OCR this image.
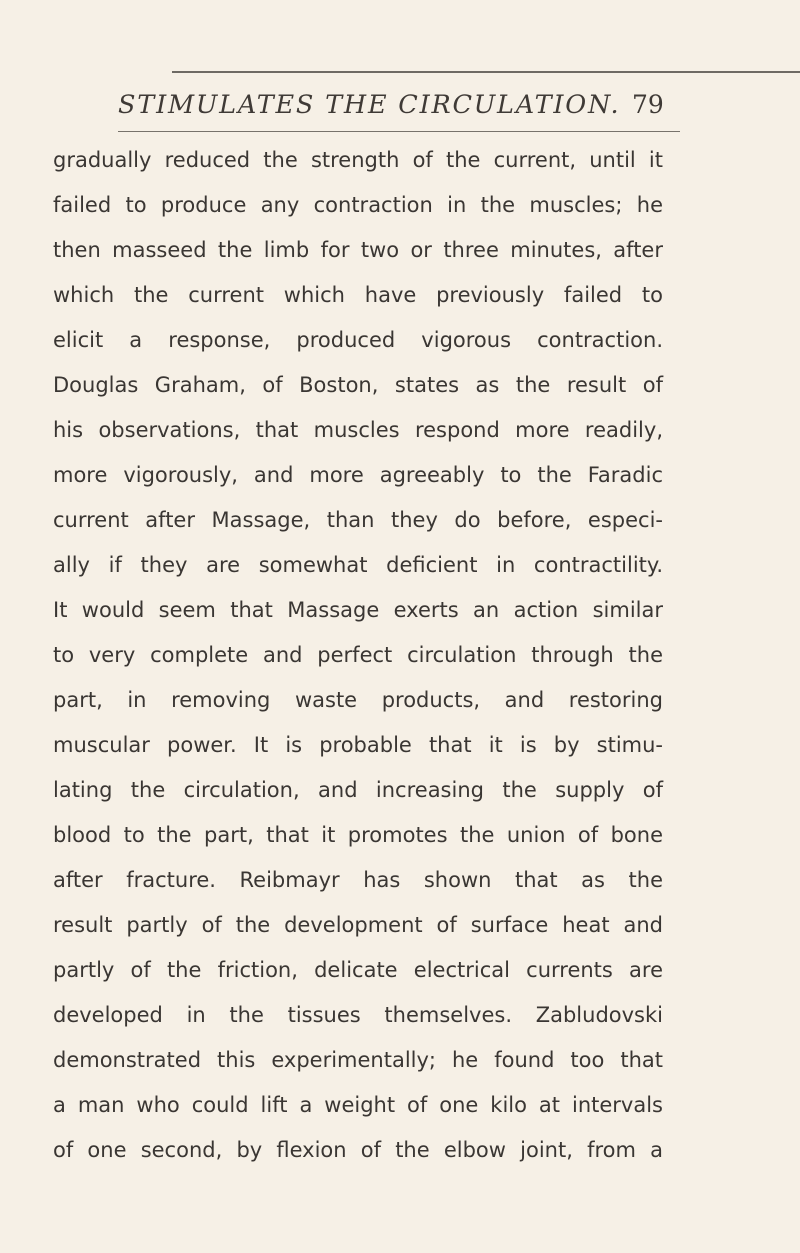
STIMULATES THE CIRCULATION. 79
gradually reduced the strength of the current, until it
failed to produce any contraction in the muscles; he
then masseed the limb for two or three minutes, after
which the current which have previously failed to
elicit a response, produced vigorous contraction.
Douglas Graham, of Boston, states as the result of
his observations, that muscles respond more readily,
more vigorously, and more agreeably to the Faradic
current after Massage, than they do before, especi-
ally if they are somewhat deficient in contractility.
It would seem that Massage exerts an action similar
to very complete and perfect circulation through the
part, in removing waste products, and restoring
muscular power. It is probable that it is by stimu-
lating the circulation, and increasing the supply of
blood to the part, that it promotes the union of bone
after fracture. Reibmayr has shown that as the
result partly of the development of surface heat and
partly of the friction, delicate electrical currents are
developed in the tissues themselves. Zabludovski
demonstrated this experimentally; he found too that
a man who could lift a weight of one kilo at intervals
of one second, by flexion of the elbow joint, from a
